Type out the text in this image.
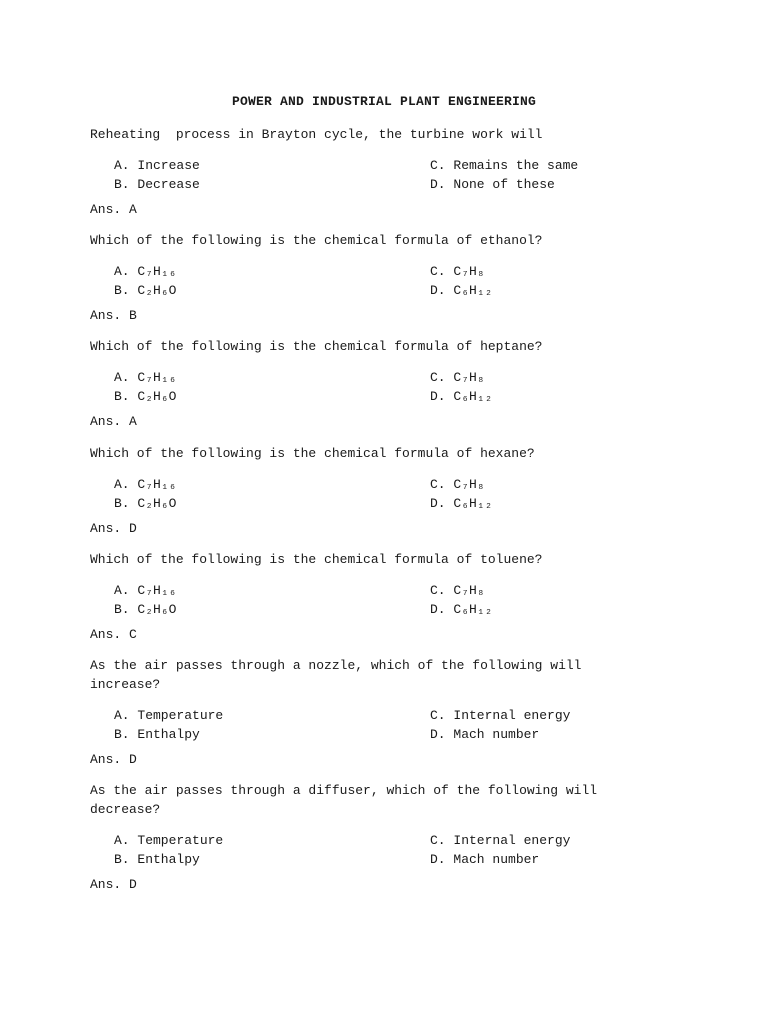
POWER AND INDUSTRIAL PLANT ENGINEERING
Reheating  process in Brayton cycle, the turbine work will
A. Increase
B. Decrease
C. Remains the same
D. None of these
Ans. A
Which of the following is the chemical formula of ethanol?
A. C₇H₁₆
B. C₂H₆O
C. C₇H₈
D. C₆H₁₂
Ans. B
Which of the following is the chemical formula of heptane?
A. C₇H₁₆
B. C₂H₆O
C. C₇H₈
D. C₆H₁₂
Ans. A
Which of the following is the chemical formula of hexane?
A. C₇H₁₆
B. C₂H₆O
C. C₇H₈
D. C₆H₁₂
Ans. D
Which of the following is the chemical formula of toluene?
A. C₇H₁₆
B. C₂H₆O
C. C₇H₈
D. C₆H₁₂
Ans. C
As the air passes through a nozzle, which of the following will
increase?
A. Temperature
B. Enthalpy
C. Internal energy
D. Mach number
Ans. D
As the air passes through a diffuser, which of the following will
decrease?
A. Temperature
B. Enthalpy
C. Internal energy
D. Mach number
Ans. D
